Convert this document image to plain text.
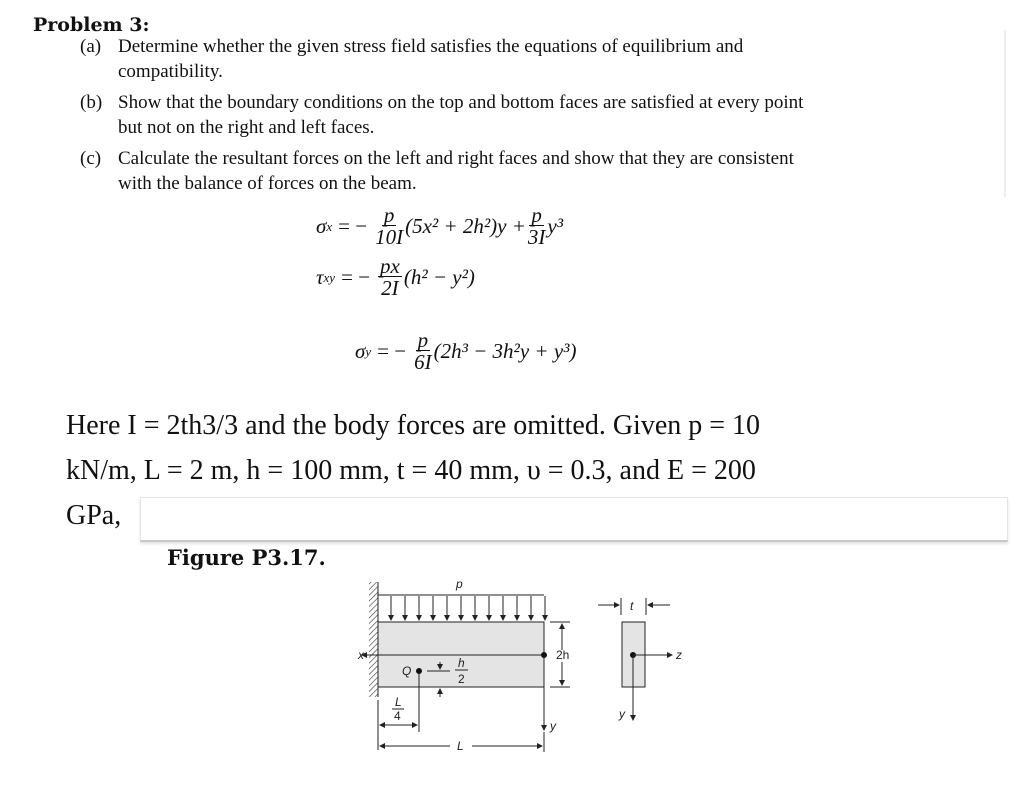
Problem 3:
(a) Determine whether the given stress field satisfies the equations of equilibrium and
compatibility.
(b) Show that the boundary conditions on the top and bottom faces are satisfied at every point
but not on the right and left faces.
(c) Calculate the resultant forces on the left and right faces and show that they are consistent
with the balance of forces on the beam.
σ x = − $\frac{p}{10I} (5x^2 + 2h^2)y + \frac{p}{3I} y^3$
τ xy = − $\frac{px}{2I} (h^2 - y^2)$
σ y = − $\frac{p}{6I} (2h^3 - 3h^2y + y^3)$
Here I = 2th3/3 and the body forces are omitted. Given p = 10
kN/m, L = 2 m, h = 100 mm, t = 40 mm, υ = 0.3, and E = 200
GPa,
Figure P3.17.
p
x
Q
h
2
2h
y
L
4
L
t
z
y
